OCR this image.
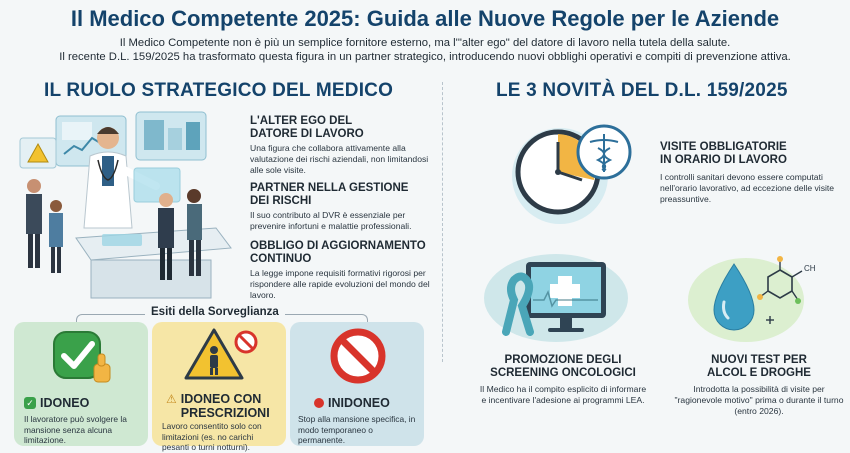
Il Medico Competente 2025: Guida alle Nuove Regole per le Aziende
Il Medico Competente non è più un semplice fornitore esterno, ma l'"alter ego" del datore di lavoro nella tutela della salute.
Il recente D.L. 159/2025 ha trasformato questa figura in un partner strategico, introducendo nuovi obblighi operativi e compiti di prevenzione attiva.
IL RUOLO STRATEGICO DEL MEDICO	LE 3 NOVITÀ DEL D.L. 159/2025
L'ALTER EGO DEL
DATORE DI LAVORO
Una figura che collabora attivamente alla valutazione dei rischi aziendali, non limitandosi alle sole visite.
PARTNER NELLA GESTIONE
DEI RISCHI
Il suo contributo al DVR è essenziale per prevenire infortuni e malattie professionali.
OBBLIGO DI AGGIORNAMENTO
CONTINUO
La legge impone requisiti formativi rigorosi per rispondere alle rapide evoluzioni del mondo del lavoro.
VISITE OBBLIGATORIE
IN ORARIO DI LAVORO
I controlli sanitari devono essere computati nell'orario lavorativo, ad eccezione delle visite preassuntive.
PROMOZIONE DEGLI
SCREENING ONCOLOGICI
Il Medico ha il compito esplicito di informare e incentivare l'adesione ai programmi LEA.
CH
NUOVI TEST PER
ALCOL E DROGHE
Introdotta la possibilità di visite per "ragionevole motivo" prima o durante il turno (entro 2026).
Esiti della Sorveglianza
✓ IDONEO
Il lavoratore può svolgere la mansione senza alcuna limitazione.
⚠ IDONEO CON
PRESCRIZIONI
Lavoro consentito solo con limitazioni (es. no carichi pesanti o turni notturni).
INIDONEO
Stop alla mansione specifica, in modo temporaneo o permanente.
